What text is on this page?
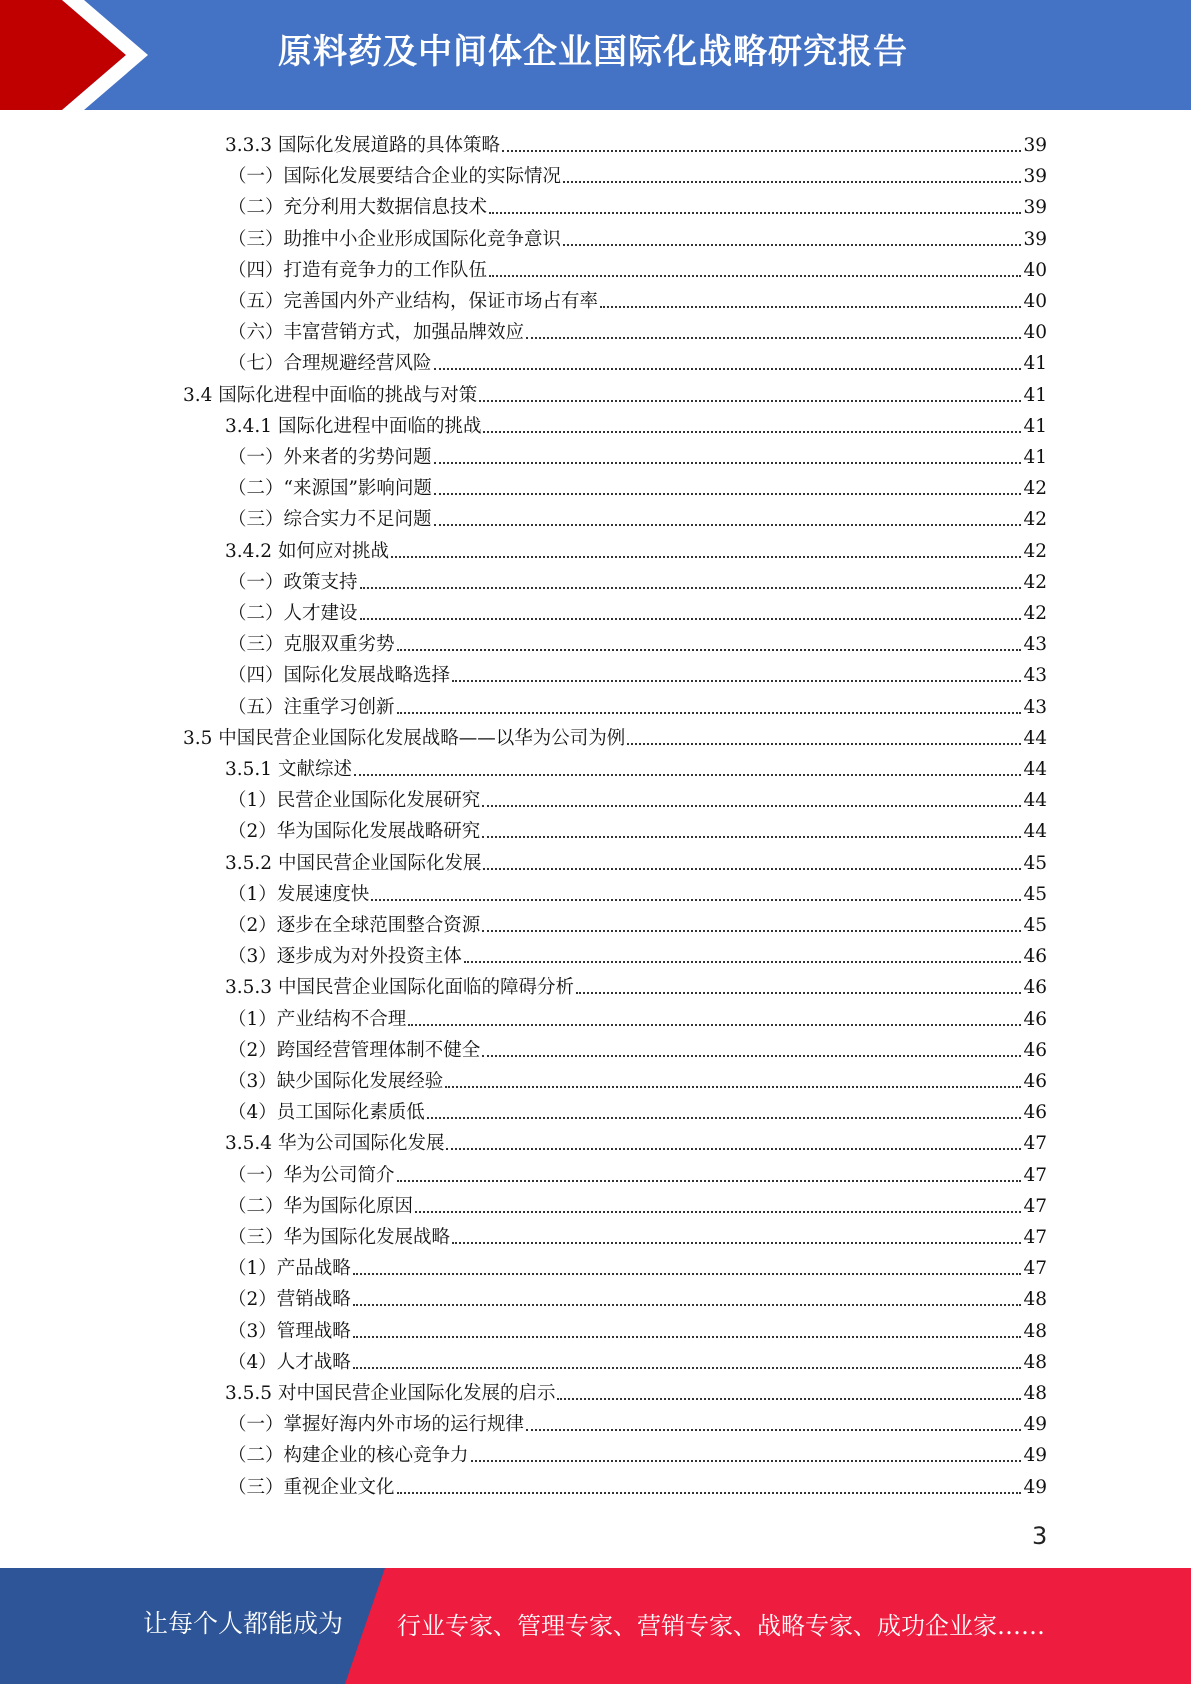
原料药及中间体企业国际化战略研究报告
3.3.3 国际化发展道路的具体策略	39
（一）国际化发展要结合企业的实际情况	39
（二）充分利用大数据信息技术	39
（三）助推中小企业形成国际化竞争意识	39
（四）打造有竞争力的工作队伍	40
（五）完善国内外产业结构，保证市场占有率	40
（六）丰富营销方式，加强品牌效应	40
（七）合理规避经营风险	41
3.4 国际化进程中面临的挑战与对策	41
3.4.1 国际化进程中面临的挑战	41
（一）外来者的劣势问题	41
（二）“来源国”影响问题	42
（三）综合实力不足问题	42
3.4.2 如何应对挑战	42
（一）政策支持	42
（二）人才建设	42
（三）克服双重劣势	43
（四）国际化发展战略选择	43
（五）注重学习创新	43
3.5 中国民营企业国际化发展战略——以华为公司为例	44
3.5.1 文献综述	44
（1）民营企业国际化发展研究	44
（2）华为国际化发展战略研究	44
3.5.2 中国民营企业国际化发展	45
（1）发展速度快	45
（2）逐步在全球范围整合资源	45
（3）逐步成为对外投资主体	46
3.5.3 中国民营企业国际化面临的障碍分析	46
（1）产业结构不合理	46
（2）跨国经营管理体制不健全	46
（3）缺少国际化发展经验	46
（4）员工国际化素质低	46
3.5.4 华为公司国际化发展	47
（一）华为公司简介	47
（二）华为国际化原因	47
（三）华为国际化发展战略	47
（1）产品战略	47
（2）营销战略	48
（3）管理战略	48
（4）人才战略	48
3.5.5 对中国民营企业国际化发展的启示	48
（一）掌握好海内外市场的运行规律	49
（二）构建企业的核心竞争力	49
（三）重视企业文化	49
3
让每个人都能成为 行业专家、管理专家、营销专家、战略专家、成功企业家……
